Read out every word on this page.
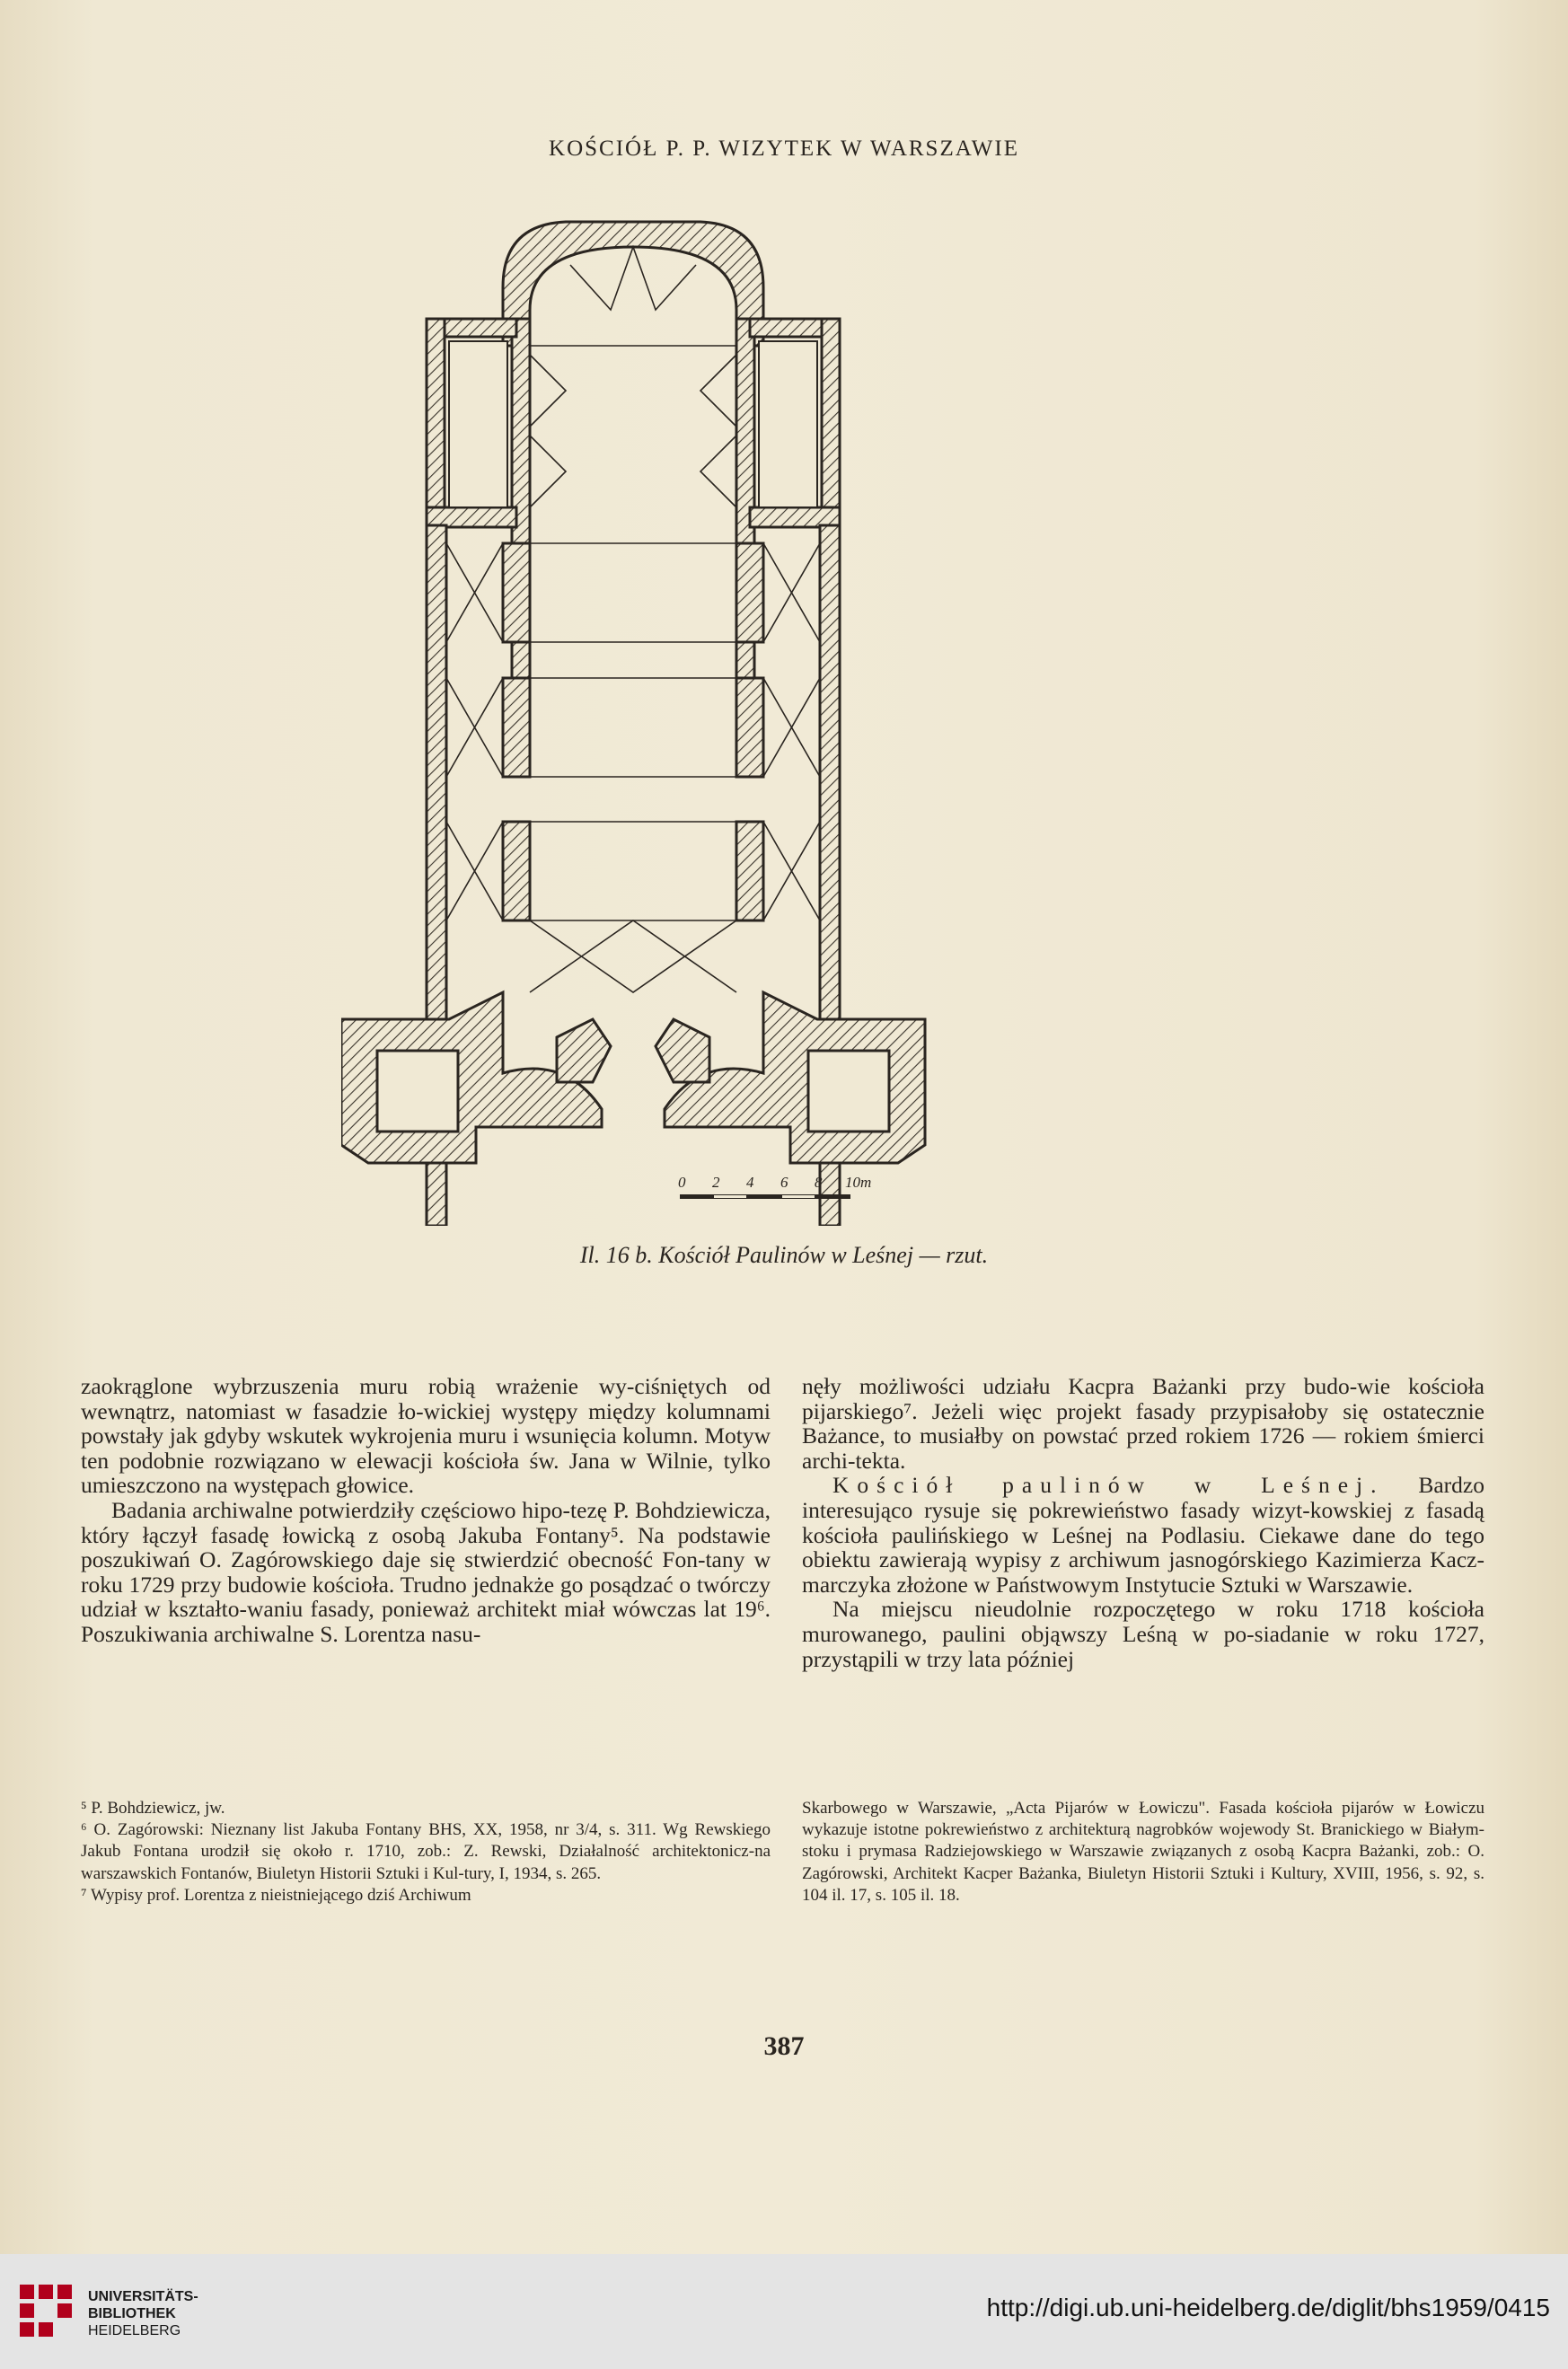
KOŚCIÓŁ P. P. WIZYTEK W WARSZAWIE
0 2 4 6 8 10m
Il. 16 b. Kościół Paulinów w Leśnej — rzut.

zaokrąglone wybrzuszenia muru robią wrażenie wy-ciśniętych od wewnątrz, natomiast w fasadzie ło-wickiej występy między kolumnami powstały jak gdyby wskutek wykrojenia muru i wsunięcia kolumn. Motyw ten podobnie rozwiązano w elewacji kościoła św. Jana w Wilnie, tylko umieszczono na występach głowice.

Badania archiwalne potwierdziły częściowo hipo-tezę P. Bohdziewicza, który łączył fasadę łowicką z osobą Jakuba Fontany⁵. Na podstawie poszukiwań O. Zagórowskiego daje się stwierdzić obecność Fon-tany w roku 1729 przy budowie kościoła. Trudno jednakże go posądzać o twórczy udział w kształto-waniu fasady, ponieważ architekt miał wówczas lat 19⁶. Poszukiwania archiwalne S. Lorentza nasu-

nęły możliwości udziału Kacpra Bażanki przy budo-wie kościoła pijarskiego⁷. Jeżeli więc projekt fasady przypisałoby się ostatecznie Bażance, to musiałby on powstać przed rokiem 1726 — rokiem śmierci archi-tekta.

Kościół paulinów w Leśnej. Bardzo interesująco rysuje się pokrewieństwo fasady wizyt-kowskiej z fasadą kościoła paulińskiego w Leśnej na Podlasiu. Ciekawe dane do tego obiektu zawierają wypisy z archiwum jasnogórskiego Kazimierza Kacz-marczyka złożone w Państwowym Instytucie Sztuki w Warszawie.

Na miejscu nieudolnie rozpoczętego w roku 1718 kościoła murowanego, paulini objąwszy Leśną w po-siadanie w roku 1727, przystąpili w trzy lata później

⁵ P. Bohdziewicz, jw.

⁶ O. Zagórowski: Nieznany list Jakuba Fontany BHS, XX, 1958, nr 3/4, s. 311. Wg Rewskiego Jakub Fontana urodził się około r. 1710, zob.: Z. Rewski, Działalność architektonicz-na warszawskich Fontanów, Biuletyn Historii Sztuki i Kul-tury, I, 1934, s. 265.

⁷ Wypisy prof. Lorentza z nieistniejącego dziś Archiwum

Skarbowego w Warszawie, „Acta Pijarów w Łowiczu". Fasada kościoła pijarów w Łowiczu wykazuje istotne pokrewieństwo z architekturą nagrobków wojewody St. Branickiego w Białym-stoku i prymasa Radziejowskiego w Warszawie związanych z osobą Kacpra Bażanki, zob.: O. Zagórowski, Architekt Kacper Bażanka, Biuletyn Historii Sztuki i Kultury, XVIII, 1956, s. 92, s. 104 il. 17, s. 105 il. 18.

387
UNIVERSITÄTS-
BIBLIOTHEK
HEIDELBERG
http://digi.ub.uni-heidelberg.de/diglit/bhs1959/0415
